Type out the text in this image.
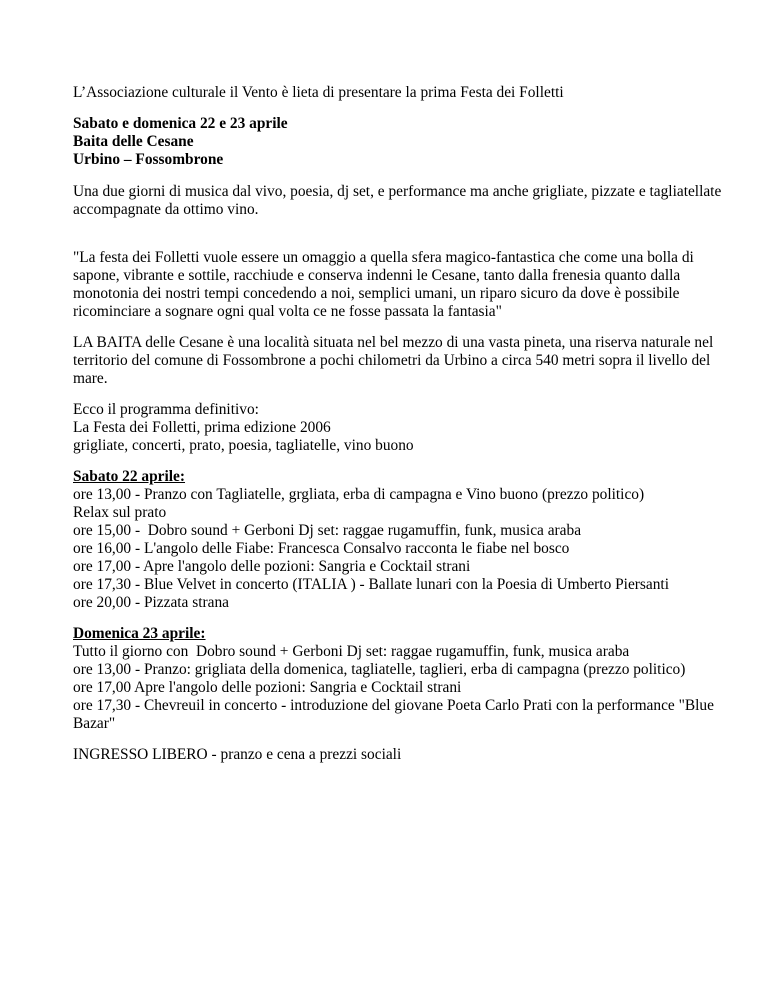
L’Associazione culturale il Vento è lieta di presentare la prima Festa dei Folletti

Sabato e domenica 22 e 23 aprile

Baita delle Cesane

Urbino – Fossombrone

Una due giorni di musica dal vivo, poesia, dj set, e performance ma anche grigliate, pizzate e tagliatellate accompagnate da ottimo vino.

"La festa dei Folletti vuole essere un omaggio a quella sfera magico-fantastica che come una bolla di sapone, vibrante e sottile, racchiude e conserva indenni le Cesane, tanto dalla frenesia quanto dalla monotonia dei nostri tempi concedendo a noi, semplici umani, un riparo sicuro da dove è possibile ricominciare a sognare ogni qual volta ce ne fosse passata la fantasia"

LA BAITA delle Cesane è una località situata nel bel mezzo di una vasta pineta, una riserva naturale nel territorio del comune di Fossombrone a pochi chilometri da Urbino a circa 540 metri sopra il livello del mare.

Ecco il programma definitivo:

La Festa dei Folletti, prima edizione 2006

grigliate, concerti, prato, poesia, tagliatelle, vino buono

Sabato 22 aprile:

ore 13,00 - Pranzo con Tagliatelle, grgliata, erba di campagna e Vino buono (prezzo politico)

Relax sul prato

ore 15,00 -  Dobro sound + Gerboni Dj set: raggae rugamuffin, funk, musica araba

ore 16,00 - L'angolo delle Fiabe: Francesca Consalvo racconta le fiabe nel bosco

ore 17,00 - Apre l'angolo delle pozioni: Sangria e Cocktail strani

ore 17,30 - Blue Velvet in concerto (ITALIA ) - Ballate lunari con la Poesia di Umberto Piersanti

ore 20,00 - Pizzata strana

Domenica 23 aprile:

Tutto il giorno con  Dobro sound + Gerboni Dj set: raggae rugamuffin, funk, musica araba

ore 13,00 - Pranzo: grigliata della domenica, tagliatelle, taglieri, erba di campagna (prezzo politico)

ore 17,00 Apre l'angolo delle pozioni: Sangria e Cocktail strani

ore 17,30 - Chevreuil in concerto - introduzione del giovane Poeta Carlo Prati con la performance "Blue Bazar"

INGRESSO LIBERO - pranzo e cena a prezzi sociali
